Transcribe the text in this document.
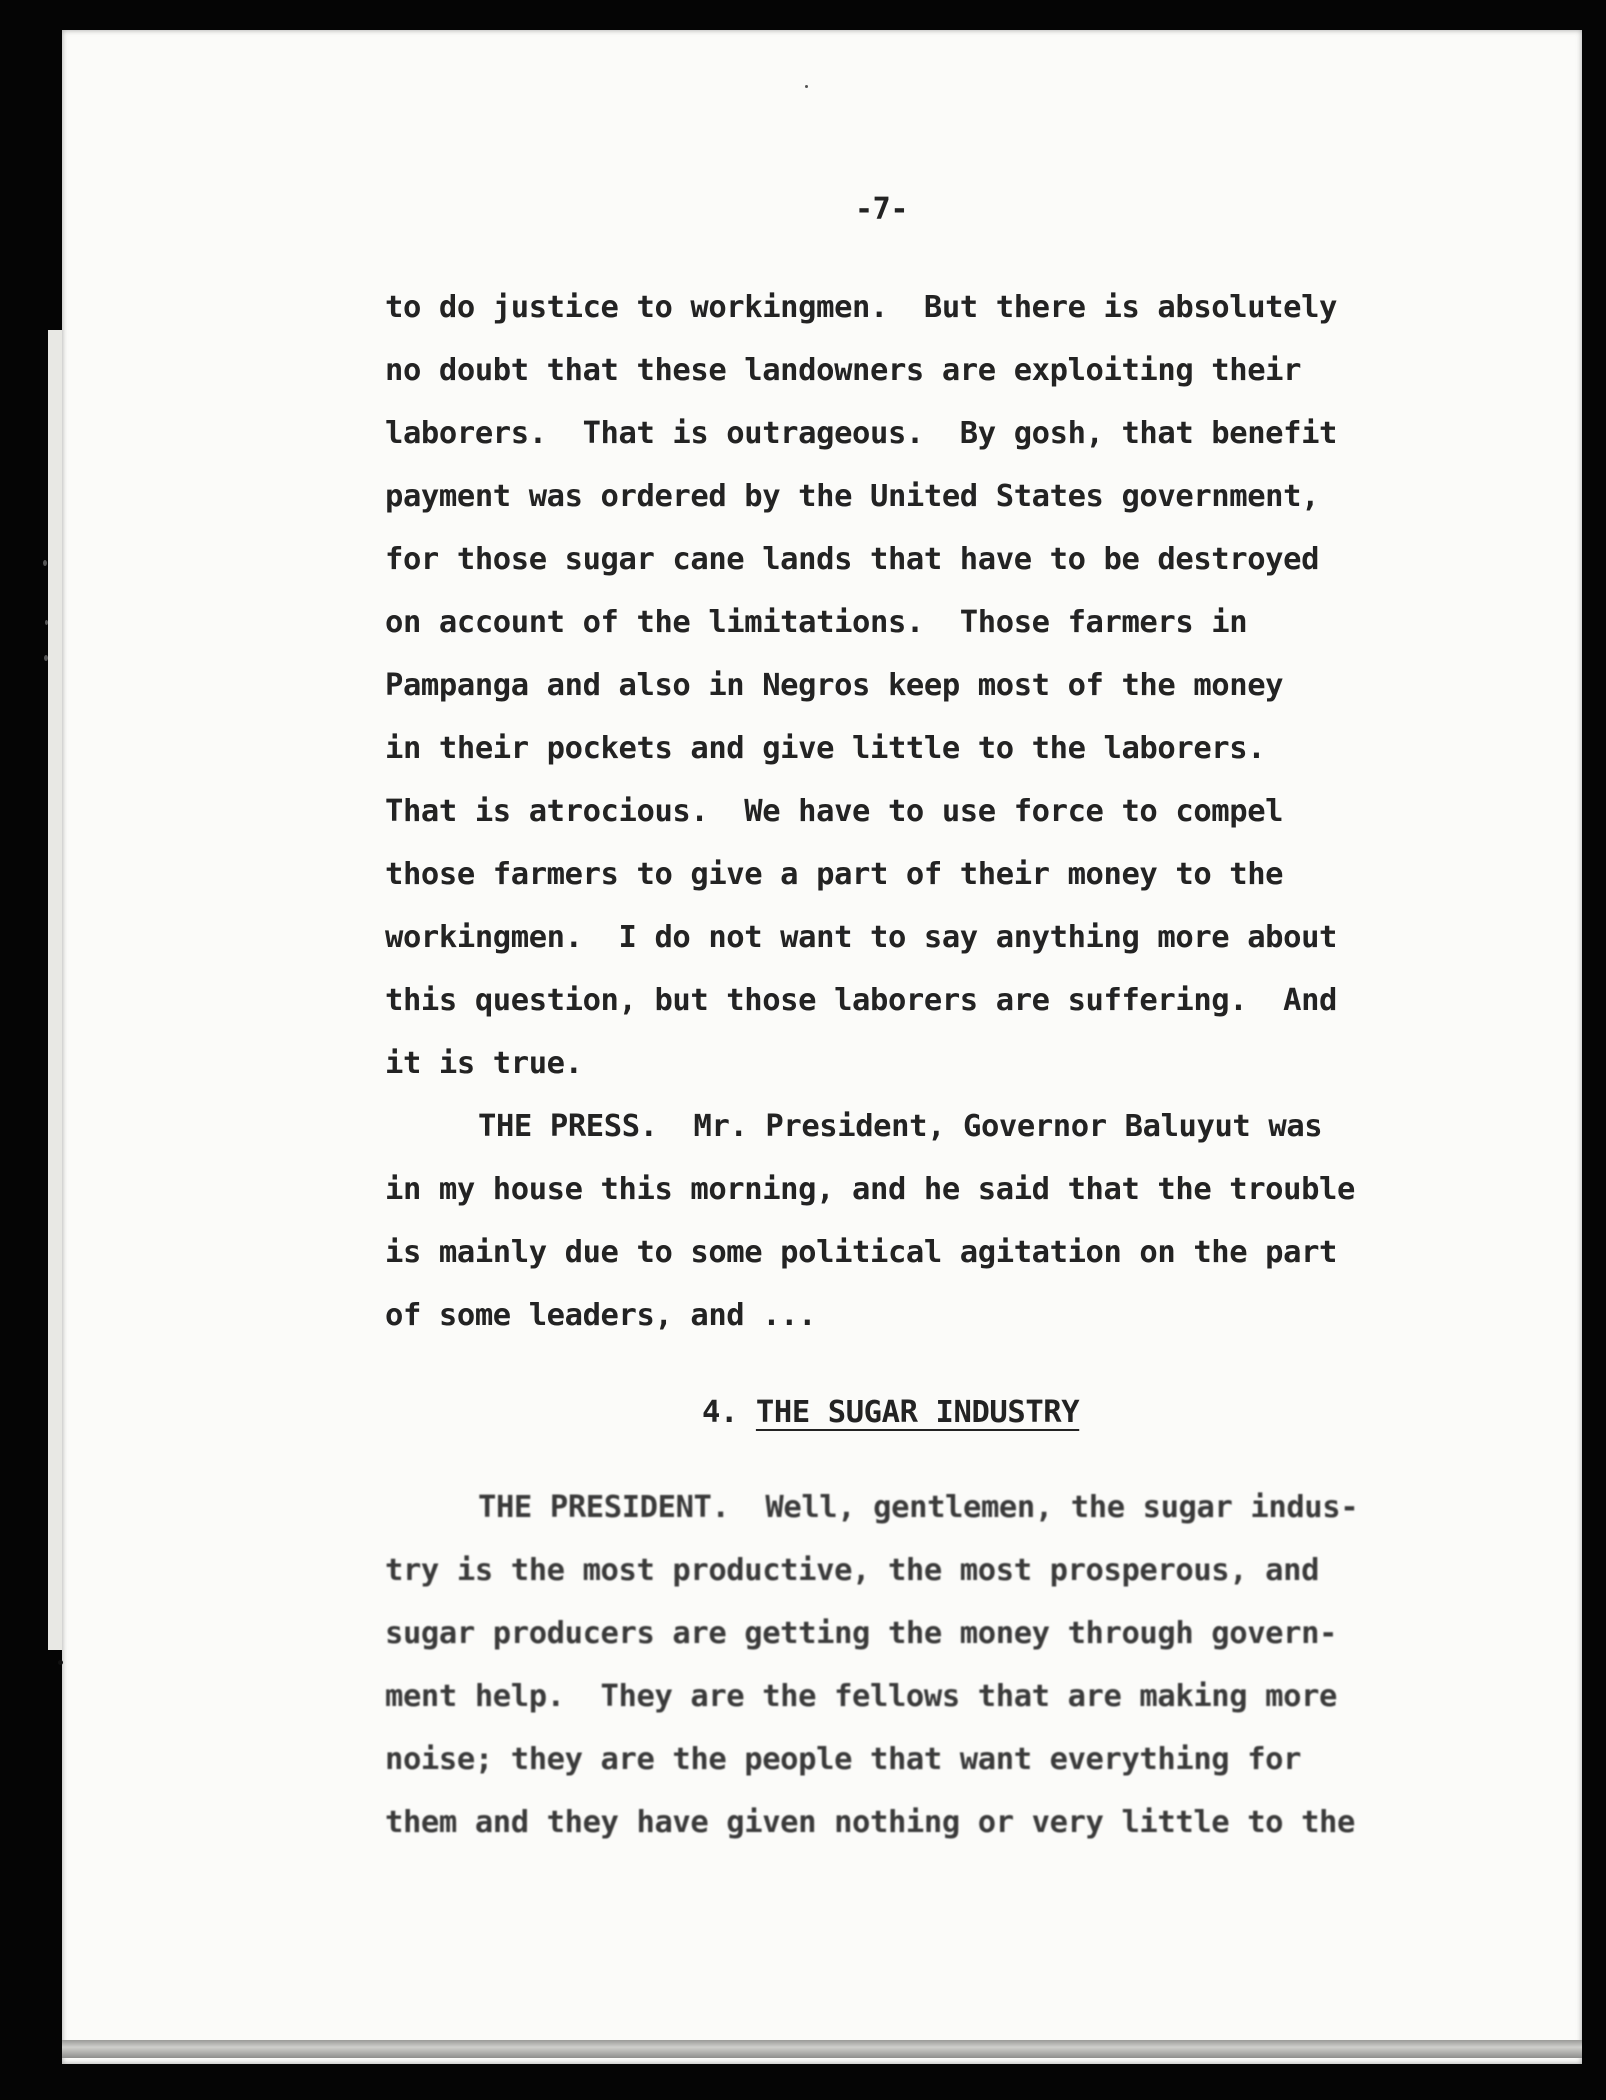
-7-
to do justice to workingmen.  But there is absolutely
no doubt that these landowners are exploiting their
laborers.  That is outrageous.  By gosh, that benefit
payment was ordered by the United States government,
for those sugar cane lands that have to be destroyed
on account of the limitations.  Those farmers in
Pampanga and also in Negros keep most of the money
in their pockets and give little to the laborers.
That is atrocious.  We have to use force to compel
those farmers to give a part of their money to the
workingmen.  I do not want to say anything more about
this question, but those laborers are suffering.  And
it is true.
THE PRESS.  Mr. President, Governor Baluyut was
in my house this morning, and he said that the trouble
is mainly due to some political agitation on the part
of some leaders, and ...
4. THE SUGAR INDUSTRY
THE PRESIDENT.  Well, gentlemen, the sugar indus-
try is the most productive, the most prosperous, and
sugar producers are getting the money through govern-
ment help.  They are the fellows that are making more
noise; they are the people that want everything for
them and they have given nothing or very little to the
